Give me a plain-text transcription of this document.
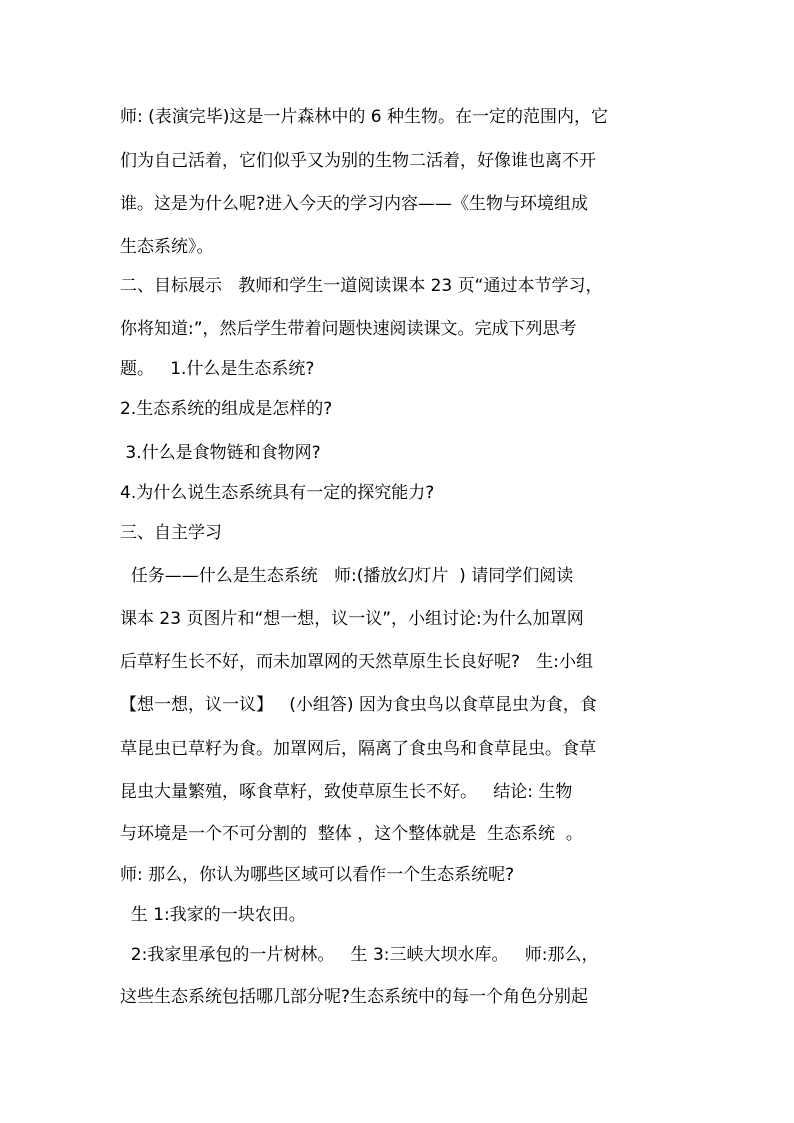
师: (表演完毕)这是一片森林中的 6 种生物。在一定的范围内，它
们为自己活着，它们似乎又为别的生物二活着，好像谁也离不开
谁。这是为什么呢?进入今天的学习内容——《生物与环境组成
生态系统》。
二、目标展示   教师和学生一道阅读课本 23 页“通过本节学习，
你将知道:”，然后学生带着问题快速阅读课文。完成下列思考
题。   1.什么是生态系统?
2.生态系统的组成是怎样的?
3.什么是食物链和食物网?
4.为什么说生态系统具有一定的探究能力?
三、自主学习
任务——什么是生态系统   师:(播放幻灯片  ) 请同学们阅读
课本 23 页图片和“想一想，议一议”，小组讨论:为什么加罩网
后草籽生长不好，而未加罩网的天然草原生长良好呢?   生:小组
【想一想，议一议】   (小组答) 因为食虫鸟以食草昆虫为食，食
草昆虫已草籽为食。加罩网后，隔离了食虫鸟和食草昆虫。食草
昆虫大量繁殖，啄食草籽，致使草原生长不好。   结论: 生物
与环境是一个不可分割的  整体 ，这个整体就是  生态系统  。
师: 那么，你认为哪些区域可以看作一个生态系统呢?
生 1:我家的一块农田。
2:我家里承包的一片树林。   生 3:三峡大坝水库。   师:那么，
这些生态系统包括哪几部分呢?生态系统中的每一个角色分别起
